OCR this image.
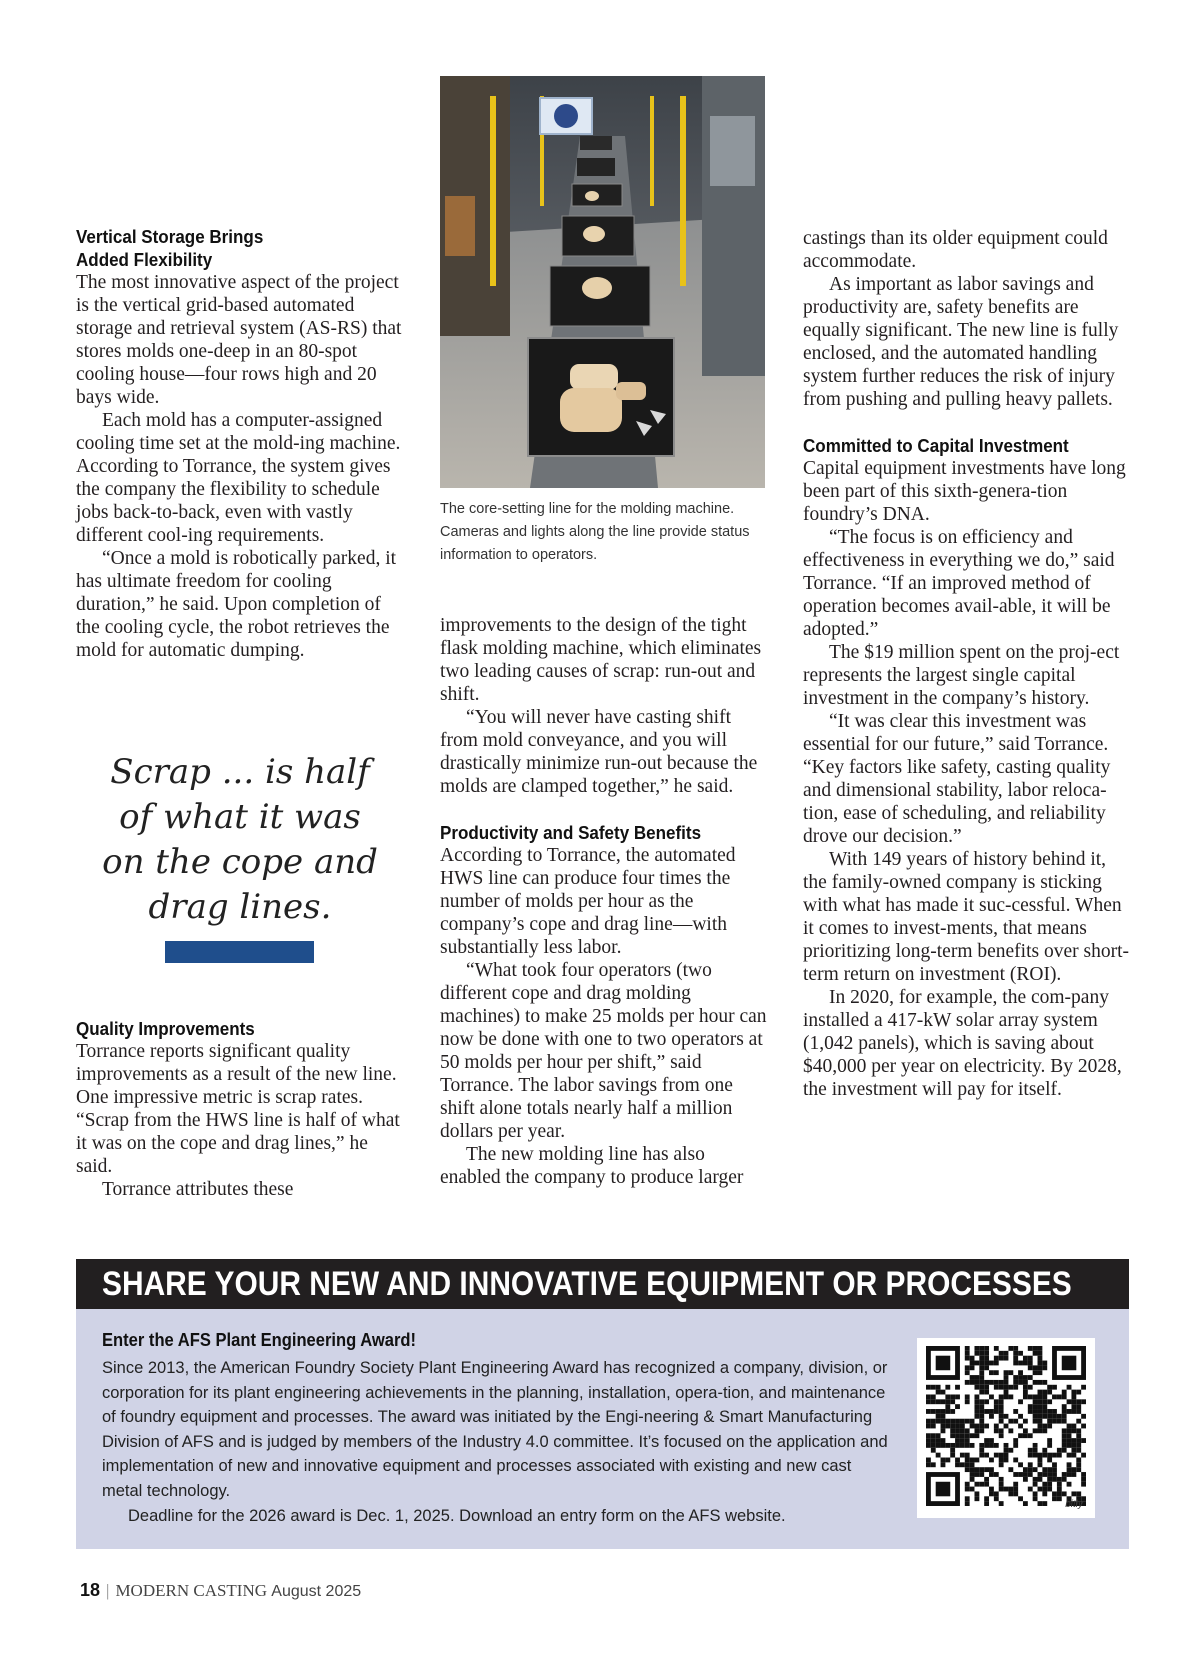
Vertical Storage Brings
Added Flexibility

The most innovative aspect of the project is the vertical grid-based automated storage and retrieval system (AS-RS) that stores molds one-deep in an 80-spot cooling house—four rows high and 20 bays wide.

Each mold has a computer-assigned cooling time set at the mold-ing machine. According to Torrance, the system gives the company the flexibility to schedule jobs back-to-back, even with vastly different cool-ing requirements.

“Once a mold is robotically parked, it has ultimate freedom for cooling duration,” he said. Upon completion of the cooling cycle, the robot retrieves the mold for automatic dumping.

Scrap ... is half
of what it was
on the cope and
drag lines.
Quality Improvements

Torrance reports significant quality improvements as a result of the new line. One impressive metric is scrap rates. “Scrap from the HWS line is half of what it was on the cope and drag lines,” he said.

Torrance attributes these

The core-setting line for the molding machine. Cameras and lights along the line provide status information to operators.

improvements to the design of the tight flask molding machine, which eliminates two leading causes of scrap: run-out and shift.

“You will never have casting shift from mold conveyance, and you will drastically minimize run-out because the molds are clamped together,” he said.

Productivity and Safety Benefits

According to Torrance, the automated HWS line can produce four times the number of molds per hour as the company’s cope and drag line—with substantially less labor.

“What took four operators (two different cope and drag molding machines) to make 25 molds per hour can now be done with one to two operators at 50 molds per hour per shift,” said Torrance. The labor savings from one shift alone totals nearly half a million dollars per year.

The new molding line has also enabled the company to produce larger

castings than its older equipment could accommodate.

As important as labor savings and productivity are, safety benefits are equally significant. The new line is fully enclosed, and the automated handling system further reduces the risk of injury from pushing and pulling heavy pallets.

Committed to Capital Investment

Capital equipment investments have long been part of this sixth-genera-tion foundry’s DNA.

“The focus is on efficiency and effectiveness in everything we do,” said Torrance. “If an improved method of operation becomes avail-able, it will be adopted.”

The $19 million spent on the proj-ect represents the largest single capital investment in the company’s history.

“It was clear this investment was essential for our future,” said Torrance. “Key factors like safety, casting quality and dimensional stability, labor reloca-tion, ease of scheduling, and reliability drove our decision.”

With 149 years of history behind it, the family-owned company is sticking with what has made it suc-cessful. When it comes to invest-ments, that means prioritizing long-term benefits over short-term return on investment (ROI).

In 2020, for example, the com-pany installed a 417-kW solar array system (1,042 panels), which is saving about $40,000 per year on electricity. By 2028, the investment will pay for itself.

SHARE YOUR NEW AND INNOVATIVE EQUIPMENT OR PROCESSES
Enter the AFS Plant Engineering Award!

Since 2013, the American Foundry Society Plant Engineering Award has recognized a company, division, or corporation for its plant engineering achievements in the planning, installation, opera-tion, and maintenance of foundry equipment and processes. The award was initiated by the Engi-neering & Smart Manufacturing Division of AFS and is judged by members of the Industry 4.0 committee. It’s focused on the application and implementation of new and innovative equipment and processes associated with existing and new cast metal technology.

Deadline for the 2026 award is Dec. 1, 2025. Download an entry form on the AFS website.
bitly
18 | MODERN CASTING August 2025
